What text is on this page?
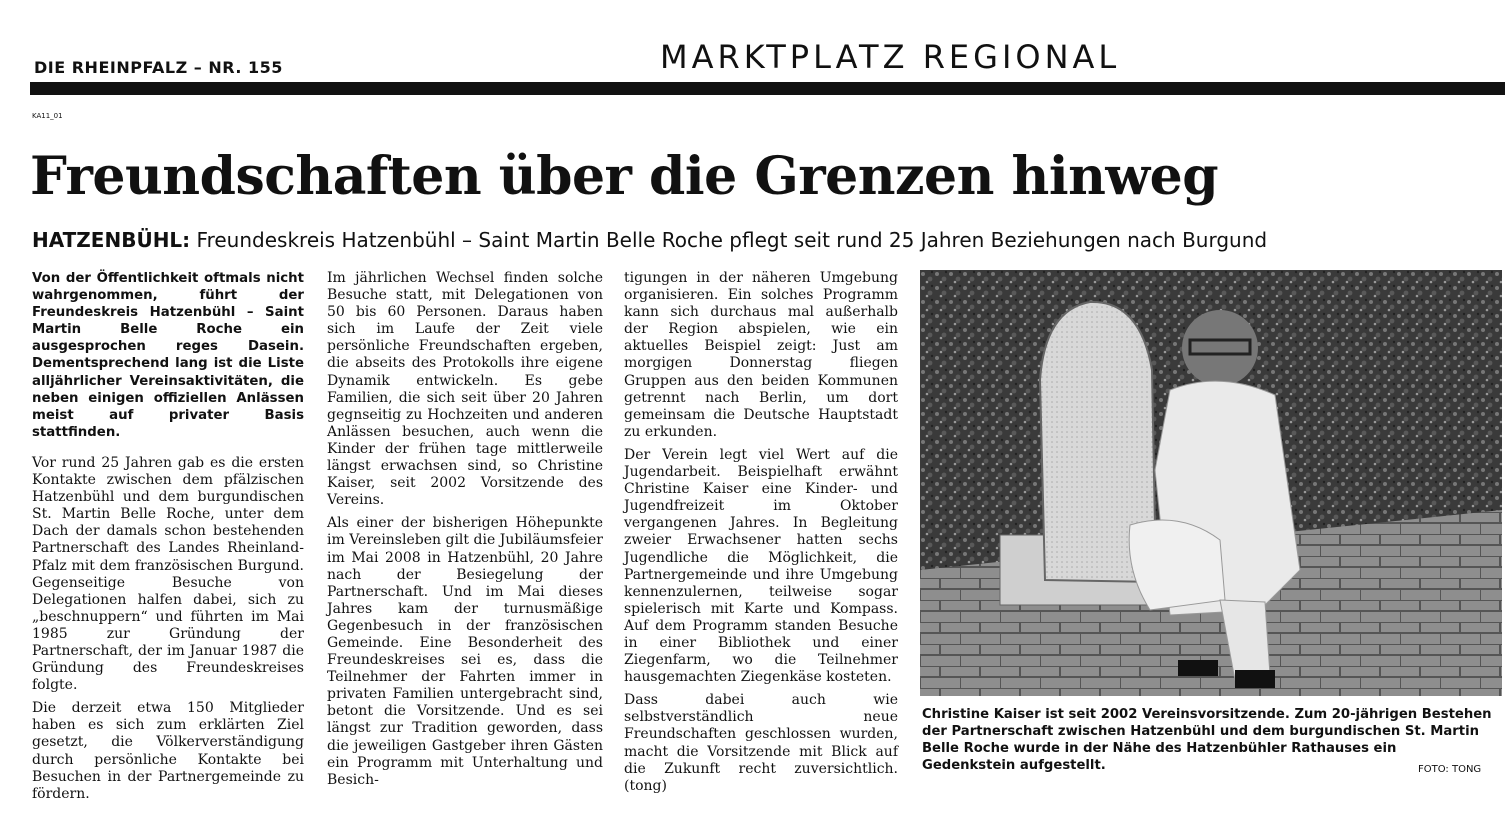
DIE RHEINPFALZ – NR. 155	MARKTPLATZ REGIONAL
KA11_01
Freundschaften über die Grenzen hinweg
HATZENBÜHL: Freundeskreis Hatzenbühl – Saint Martin Belle Roche pflegt seit rund 25 Jahren Beziehungen nach Burgund

Von der Öffentlichkeit oftmals nicht wahrgenommen, führt der Freundeskreis Hatzenbühl – Saint Martin Belle Roche ein ausgesprochen reges Dasein. Dementsprechend lang ist die Liste alljährlicher Vereinsaktivitäten, die neben einigen offiziellen Anlässen meist auf privater Basis stattfinden.

Vor rund 25 Jahren gab es die ersten Kontakte zwischen dem pfälzischen Hatzenbühl und dem burgundischen St. Martin Belle Roche, unter dem Dach der damals schon bestehenden Partnerschaft des Landes Rheinland-Pfalz mit dem französischen Burgund. Gegenseitige Besuche von Delegationen halfen dabei, sich zu „beschnuppern“ und führten im Mai 1985 zur Gründung der Partnerschaft, der im Januar 1987 die Gründung des Freundeskreises folgte.

Die derzeit etwa 150 Mitglieder haben es sich zum erklärten Ziel gesetzt, die Völkerverständigung durch persönliche Kontakte bei Besuchen in der Partnergemeinde zu fördern.

Im jährlichen Wechsel finden solche Besuche statt, mit Delegationen von 50 bis 60 Personen. Daraus haben sich im Laufe der Zeit viele persönliche Freundschaften ergeben, die abseits des Protokolls ihre eigene Dynamik entwickeln. Es gebe Familien, die sich seit über 20 Jahren gegnseitig zu Hochzeiten und anderen Anlässen besuchen, auch wenn die Kinder der frühen tage mittlerweile längst erwachsen sind, so Christine Kaiser, seit 2002 Vorsitzende des Vereins.

Als einer der bisherigen Höhepunkte im Vereinsleben gilt die Jubiläumsfeier im Mai 2008 in Hatzenbühl, 20 Jahre nach der Besiegelung der Partnerschaft. Und im Mai dieses Jahres kam der turnusmäßige Gegenbesuch in der französischen Gemeinde. Eine Besonderheit des Freundeskreises sei es, dass die Teilnehmer der Fahrten immer in privaten Familien untergebracht sind, betont die Vorsitzende. Und es sei längst zur Tradition geworden, dass die jeweiligen Gastgeber ihren Gästen ein Programm mit Unterhaltung und Besich-

tigungen in der näheren Umgebung organisieren. Ein solches Programm kann sich durchaus mal außerhalb der Region abspielen, wie ein aktuelles Beispiel zeigt: Just am morgigen Donnerstag fliegen Gruppen aus den beiden Kommunen getrennt nach Berlin, um dort gemeinsam die Deutsche Hauptstadt zu erkunden.

Der Verein legt viel Wert auf die Jugendarbeit. Beispielhaft erwähnt Christine Kaiser eine Kinder- und Jugendfreizeit im Oktober vergangenen Jahres. In Begleitung zweier Erwachsener hatten sechs Jugendliche die Möglichkeit, die Partnergemeinde und ihre Umgebung kennenzulernen, teilweise sogar spielerisch mit Karte und Kompass. Auf dem Programm standen Besuche in einer Bibliothek und einer Ziegenfarm, wo die Teilnehmer hausgemachten Ziegenkäse kosteten.

Dass dabei auch wie selbstverständlich neue Freundschaften geschlossen wurden, macht die Vorsitzende mit Blick auf die Zukunft recht zuversichtlich. (tong)

Christine Kaiser ist seit 2002 Vereinsvorsitzende. Zum 20-jährigen Bestehen der Partnerschaft zwischen Hatzenbühl und dem burgundischen St. Martin Belle Roche wurde in der Nähe des Hatzenbühler Rathauses ein Gedenkstein aufgestellt.	FOTO: TONG
